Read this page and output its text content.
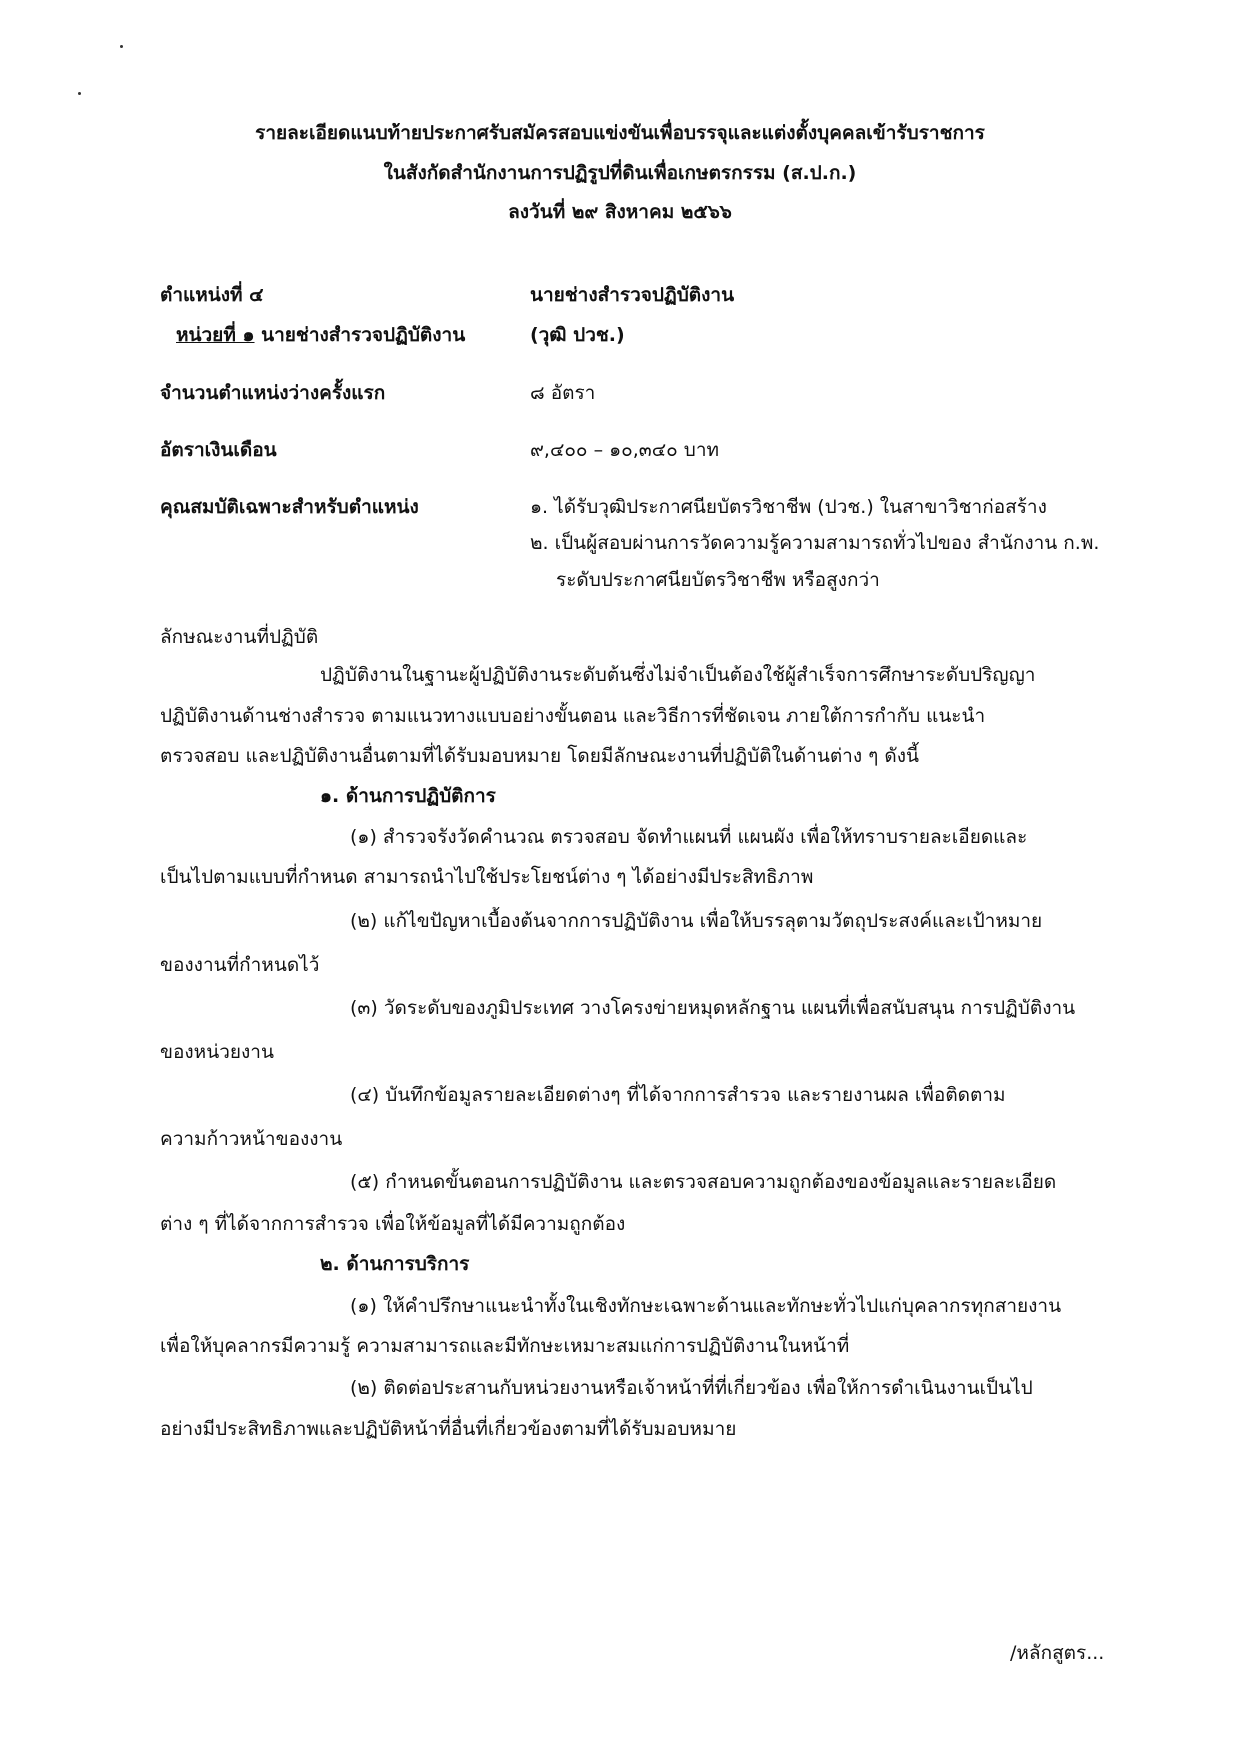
รายละเอียดแนบท้ายประกาศรับสมัครสอบแข่งขันเพื่อบรรจุและแต่งตั้งบุคคลเข้ารับราชการ
ในสังกัดสำนักงานการปฏิรูปที่ดินเพื่อเกษตรกรรม (ส.ป.ก.)
ลงวันที่ ๒๙ สิงหาคม ๒๕๖๖
ตำแหน่งที่ ๔	นายช่างสำรวจปฏิบัติงาน
หน่วยที่ ๑ นายช่างสำรวจปฏิบัติงาน	(วุฒิ ปวช.)
จำนวนตำแหน่งว่างครั้งแรก	๘ อัตรา
อัตราเงินเดือน	๙,๔๐๐ – ๑๐,๓๔๐ บาท
คุณสมบัติเฉพาะสำหรับตำแหน่ง	๑. ได้รับวุฒิประกาศนียบัตรวิชาชีพ (ปวช.) ในสาขาวิชาก่อสร้าง
๒. เป็นผู้สอบผ่านการวัดความรู้ความสามารถทั่วไปของ สำนักงาน ก.พ.
ระดับประกาศนียบัตรวิชาชีพ หรือสูงกว่า
ลักษณะงานที่ปฏิบัติ
ปฏิบัติงานในฐานะผู้ปฏิบัติงานระดับต้นซึ่งไม่จำเป็นต้องใช้ผู้สำเร็จการศึกษาระดับปริญญา
ปฏิบัติงานด้านช่างสำรวจ ตามแนวทางแบบอย่างขั้นตอน และวิธีการที่ชัดเจน ภายใต้การกำกับ แนะนำ
ตรวจสอบ และปฏิบัติงานอื่นตามที่ได้รับมอบหมาย โดยมีลักษณะงานที่ปฏิบัติในด้านต่าง ๆ ดังนี้
๑. ด้านการปฏิบัติการ
(๑) สำรวจรังวัดคำนวณ ตรวจสอบ จัดทำแผนที่ แผนผัง เพื่อให้ทราบรายละเอียดและ
เป็นไปตามแบบที่กำหนด สามารถนำไปใช้ประโยชน์ต่าง ๆ ได้อย่างมีประสิทธิภาพ
(๒) แก้ไขปัญหาเบื้องต้นจากการปฏิบัติงาน เพื่อให้บรรลุตามวัตถุประสงค์และเป้าหมาย
ของงานที่กำหนดไว้
(๓) วัดระดับของภูมิประเทศ วางโครงข่ายหมุดหลักฐาน แผนที่เพื่อสนับสนุน การปฏิบัติงาน
ของหน่วยงาน
(๔) บันทึกข้อมูลรายละเอียดต่างๆ ที่ได้จากการสำรวจ และรายงานผล เพื่อติดตาม
ความก้าวหน้าของงาน
(๕) กำหนดขั้นตอนการปฏิบัติงาน และตรวจสอบความถูกต้องของข้อมูลและรายละเอียด
ต่าง ๆ ที่ได้จากการสำรวจ เพื่อให้ข้อมูลที่ได้มีความถูกต้อง
๒. ด้านการบริการ
(๑) ให้คำปรึกษาแนะนำทั้งในเชิงทักษะเฉพาะด้านและทักษะทั่วไปแก่บุคลากรทุกสายงาน
เพื่อให้บุคลากรมีความรู้ ความสามารถและมีทักษะเหมาะสมแก่การปฏิบัติงานในหน้าที่
(๒) ติดต่อประสานกับหน่วยงานหรือเจ้าหน้าที่ที่เกี่ยวข้อง เพื่อให้การดำเนินงานเป็นไป
อย่างมีประสิทธิภาพและปฏิบัติหน้าที่อื่นที่เกี่ยวข้องตามที่ได้รับมอบหมาย
/หลักสูตร...
